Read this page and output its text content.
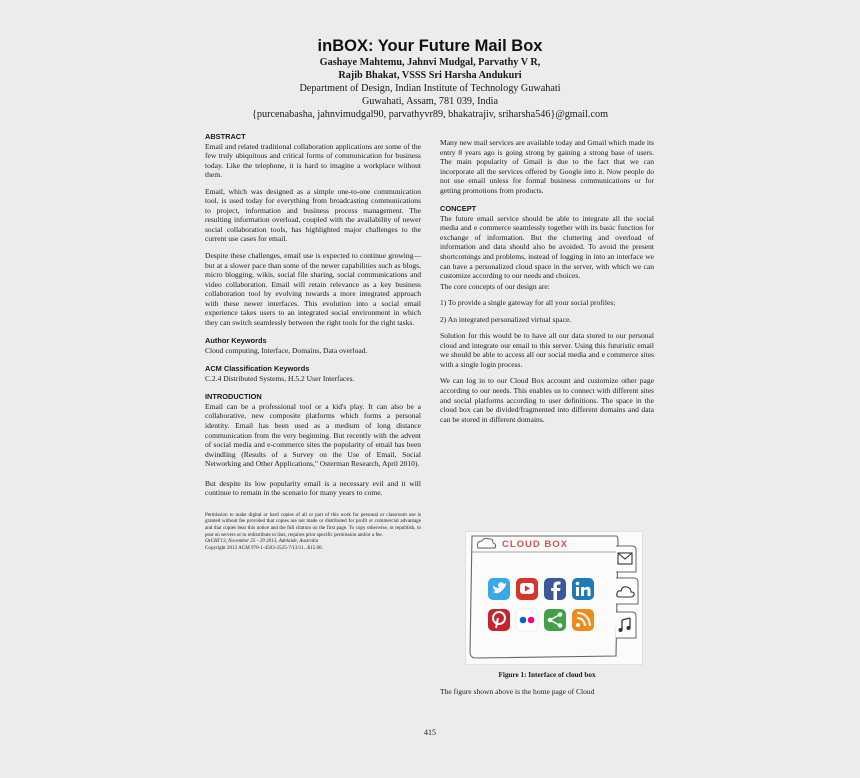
inBOX: Your Future Mail Box
Gashaye Mahtemu, Jahnvi Mudgal, Parvathy V R,
Rajib Bhakat, VSSS Sri Harsha Andukuri
Department of Design, Indian Institute of Technology Guwahati
Guwahati, Assam, 781 039, India
{purcenabasha, jahnvimudgal90, parvathyvr89, bhakatrajiv, sriharsha546}@gmail.com
ABSTRACT

Email and related traditional collaboration applications are some of the few truly ubiquitous and critical forms of communication for business today. Like the telephone, it is hard to imagine a workplace without them.

Email, which was designed as a simple one-to-one communication tool, is used today for everything from broadcasting communications to project, information and business process management. The resulting information overload, coupled with the availability of newer social collaboration tools, has highlighted major challenges to the current use cases for email.

Despite these challenges, email use is expected to continue growing—but at a slower pace than some of the newer capabilities such as blogs, micro blogging, wikis, social file sharing, social communications and video collaboration. Email will retain relevance as a key business collaboration tool by evolving towards a more integrated approach with these newer interfaces. This evolution into a social email experience takes users to an integrated social environment in which they can switch seamlessly between the right tools for the right tasks.

Author Keywords

Cloud computing, Interface, Domains, Data overload.

ACM Classification Keywords

C.2.4 Distributed Systems, H.5.2 User Interfaces.

INTRODUCTION

Email can be a professional tool or a kid's play. It can also be a collaborative, new composite platforms which forms a personal identity. Email has been used as a medium of long distance communication from the very beginning. But recently with the advent of social media and e-commerce sites the popularity of email has been dwindling (Results of a Survey on the Use of Email, Social Networking and Other Applications," Osterman Research, April 2010).

But despite its low popularity email is a necessary evil and it will continue to remain in the scenario for many years to come.

Permission to make digital or hard copies of all or part of this work for personal or classroom use is granted without fee provided that copies are not made or distributed for profit or commercial advantage and that copies bear this notice and the full citation on the first page. To copy otherwise, or republish, to post on servers or to redistribute to lists, requires prior specific permission and/or a fee.
OzCHI'13, November 25 - 29 2013, Adelaide, Australia
Copyright 2013 ACM 978-1-4503-2525-7/13/11...$15.00.

Many new mail services are available today and Gmail which made its entry 8 years ago is going strong by gaining a strong base of users. The main popularity of Gmail is due to the fact that we can incorporate all the services offered by Google into it. Now people do not use email unless for formal business communications or for getting promotions from products.

CONCEPT

The future email service should be able to integrate all the social media and e commerce seamlessly together with its basic function for exchange of information. But the cluttering and overload of information and data should also be avoided. To avoid the present shortcomings and problems, instead of logging in into an interface we can have a personalized cloud space in the server, with which we can customize according to our needs and choices.

The core concepts of our design are:

1) To provide a single gateway for all your social profiles;

2) An integrated personalized virtual space.

Solution for this would be to have all our data stored to our personal cloud and integrate our email to this server. Using this futuristic email we should be able to access all our social media and e commerce sites with a single login process.

We can log in to our Cloud Box account and customize other page according to our needs. This enables us to connect with different sites and social platforms according to user definitions. The space in the cloud box can be divided/fragmented into different domains and data can be stored in different domains.

CLOUD BOX
Figure 1: Interface of cloud box

The figure shown above is the home page of Cloud

415
